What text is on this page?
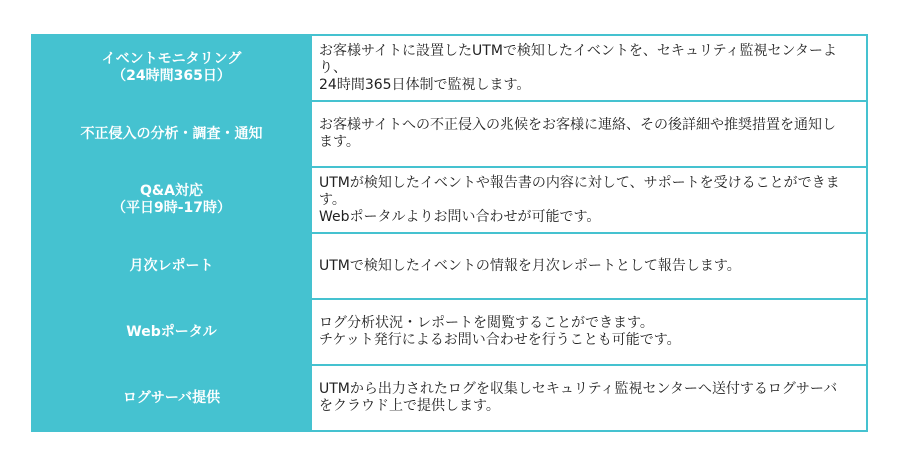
イベントモニタリング
（24時間365日）	お客様サイトに設置したUTMで検知したイベントを、セキュリティ監視センターより、
24時間365日体制で監視します。

不正侵入の分析・調査・通知	お客様サイトへの不正侵入の兆候をお客様に連絡、その後詳細や推奨措置を通知し
ます。

Q&A対応
（平日9時-17時）	UTMが検知したイベントや報告書の内容に対して、サポートを受けることができま
す。
Webポータルよりお問い合わせが可能です。

月次レポート	UTMで検知したイベントの情報を月次レポートとして報告します。

Webポータル	ログ分析状況・レポートを閲覧することができます。
チケット発行によるお問い合わせを行うことも可能です。

ログサーバ提供	UTMから出力されたログを収集しセキュリティ監視センターへ送付するログサーバ
をクラウド上で提供します。
